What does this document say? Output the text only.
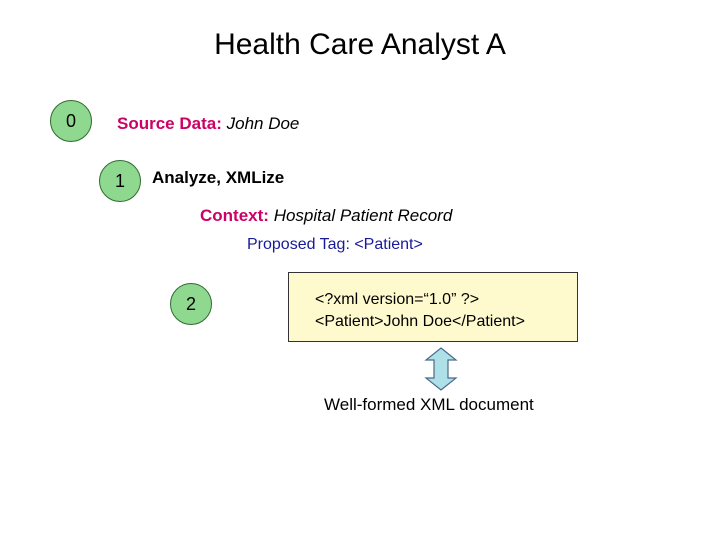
Health Care Analyst A
0	Source Data: John Doe
1	Analyze, XMLize
Context: Hospital Patient Record
Proposed Tag: <Patient>
2	<?xml version=“1.0” ?>
<Patient>John Doe</Patient>
Well-formed XML document
